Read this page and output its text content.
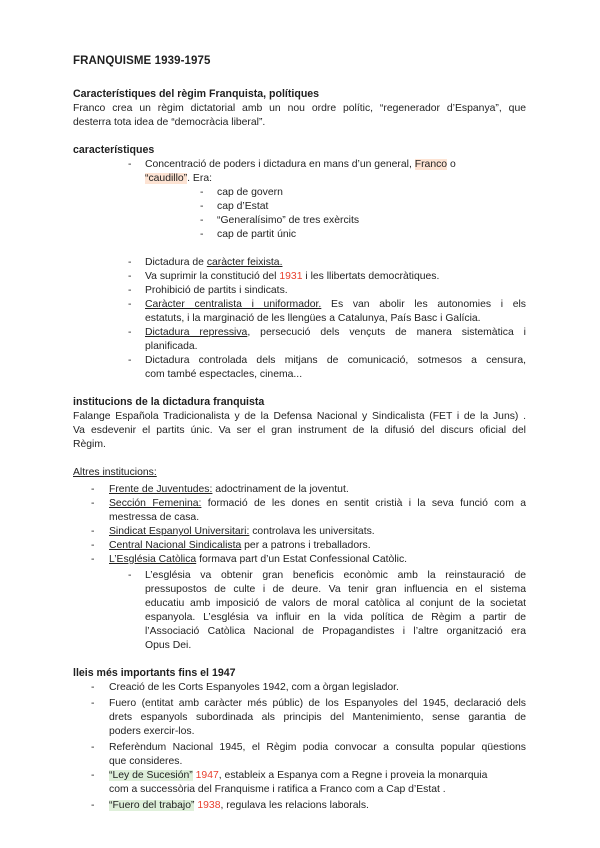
FRANQUISME 1939-1975
Característiques del règim Franquista, polítiques
Franco crea un règim dictatorial amb un nou ordre polític, “regenerador d’Espanya”, que
desterra tota idea de “democràcia liberal”.
característiques
- Concentració de poders i dictadura en mans d’un general, Franco o
“caudillo”. Era:
- cap de govern
- cap d’Estat
- “Generalísimo” de tres exèrcits
- cap de partit únic
- Dictadura de caràcter feixista.
- Va suprimir la constitució del 1931 i les llibertats democràtiques.
- Prohibició de partits i sindicats.
- Caràcter centralista i uniformador. Es van abolir les autonomies i els
estatuts, i la marginació de les llengües a Catalunya, País Basc i Galícia.
- Dictadura repressiva, persecució dels vençuts de manera sistemàtica i
planificada.
- Dictadura controlada dels mitjans de comunicació, sotmesos a censura,
com també espectacles, cinema...
institucions de la dictadura franquista
Falange Española Tradicionalista y de la Defensa Nacional y Sindicalista (FET i de la Juns) .
Va esdevenir el partits únic. Va ser el gran instrument de la difusió del discurs oficial del
Règim.
Altres institucions:
- Frente de Juventudes: adoctrinament de la joventut.
- Sección Femenina: formació de les dones en sentit cristià i la seva funció com a
mestressa de casa.
- Sindicat Espanyol Universitari: controlava les universitats.
- Central Nacional Sindicalista per a patrons i treballadors.
- L’Església Catòlica formava part d’un Estat Confessional Catòlic.
- L’església va obtenir gran beneficis econòmic amb la reinstauració de
pressupostos de culte i de deure. Va tenir gran influencia en el sistema
educatiu amb imposició de valors de moral catòlica al conjunt de la societat
espanyola. L’església va influir en la vida política de Règim a partir de
l’Associació Catòlica Nacional de Propagandistes i l’altre organització era
Opus Dei.
lleis més importants fins el 1947
- Creació de les Corts Espanyoles 1942, com a òrgan legislador.
- Fuero (entitat amb caràcter més públic) de los Espanyoles del 1945, declaració dels
drets espanyols subordinada als principis del Mantenimiento, sense garantia de
poders exercir-los.
- Referèndum Nacional 1945, el Règim podia convocar a consulta popular qüestions
que consideres.
- “Ley de Sucesión” 1947, estableix a Espanya com a Regne i proveia la monarquia
com a successòria del Franquisme i ratifica a Franco com a Cap d’Estat .
- “Fuero del trabajo” 1938, regulava les relacions laborals.
